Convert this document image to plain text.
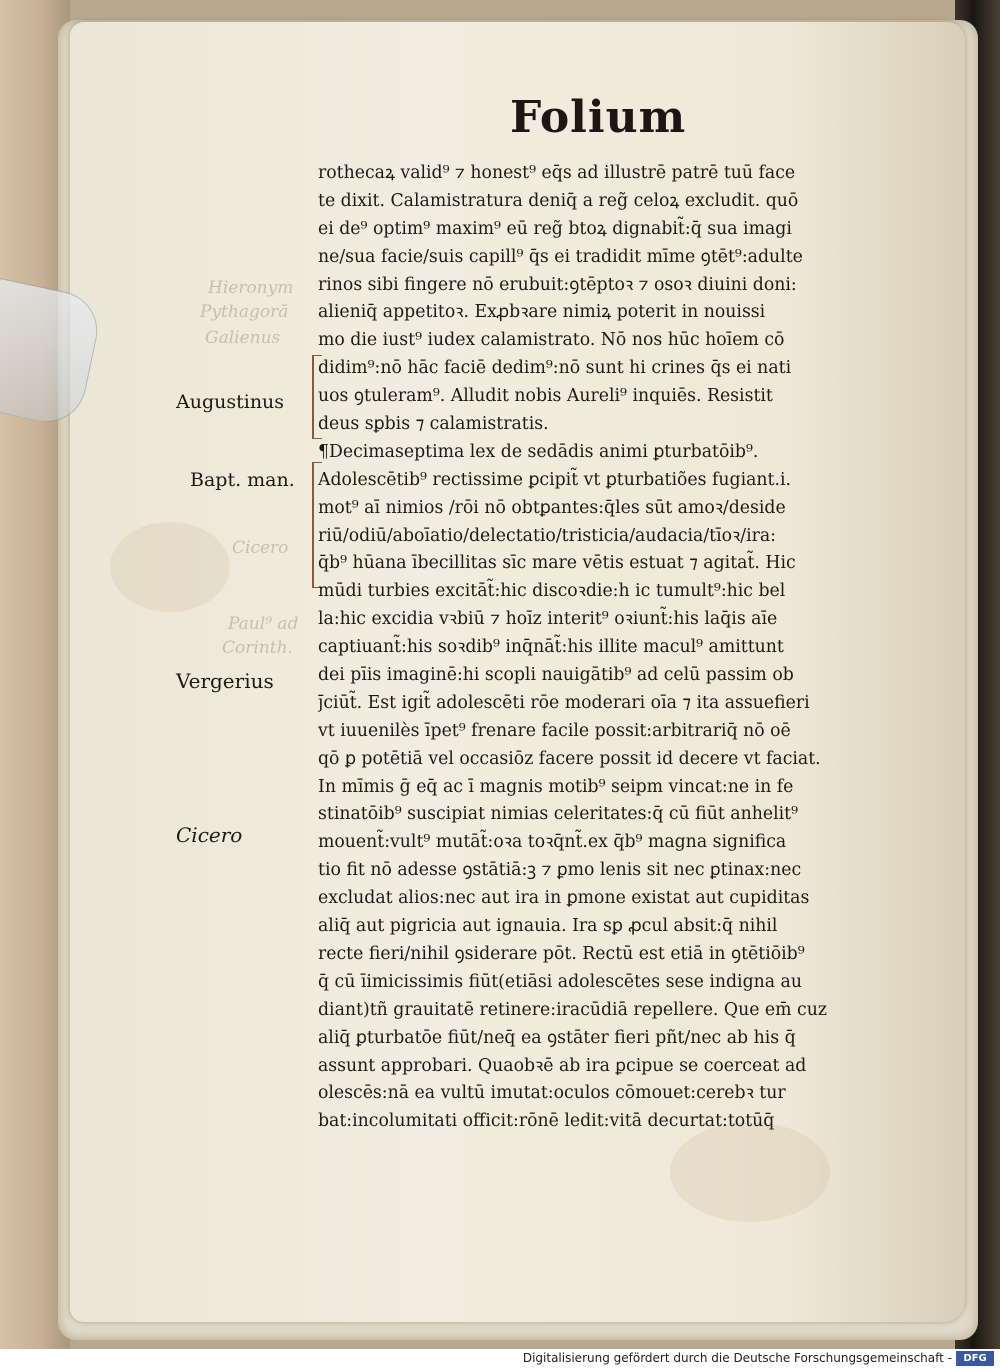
Folium
Hieronym
Pythagorā
Galienus
Cicero
Paul⁹ ad
Corinth.
Augustinus
Bapt. man.
Vergerius
Cicero
rothecaꝝ valid⁹ ⁊ honest⁹ eq̄s ad illustrē patrē tuū face
te dixit. Calamistratura deniq̄ a reg̃ celoꝝ excludit. quō
ei de⁹ optim⁹ maxim⁹ eū reg̃ btoꝝ dignabit̃:q̄ sua imagi
ne/sua facie/suis capill⁹ q̄s ei tradidit mīme ꝯtēt⁹:adulte
rinos sibi fingere nō erubuit:ꝯtēptoꝛ ⁊ osoꝛ diuini doni:
alieniq̄ appetitoꝛ. Exꝓbꝛare nimiꝝ poterit in nouissi
mo die iust⁹ iudex calamistrato. Nō nos hūc hoīem cō
didim⁹:nō hāc faciē dedim⁹:nō sunt hi crines q̄s ei nati
uos ꝯtuleram⁹. Alludit nobis Aureli⁹ inquiēs. Resistit
deus sꝑbis ⁊ calamistratis.
¶Decimaseptima lex de sedādis animi ꝑturbatōib⁹.
Adolescētib⁹ rectissime ꝑcipit̃ vt ꝑturbatiões fugiant.i.
mot⁹ aī nimios /rōi nō obtꝑantes:q̄les sūt amoꝛ/deside
riū/odiū/aboīatio/delectatio/tristicia/audacia/tīoꝛ/ira:
q̄b⁹ hūana ībecillitas sīc mare vētis estuat ⁊ agitat̃. Hic
mūdi turbies excitāt̃:hic discoꝛdie:h ic tumult⁹:hic bel
la:hic excidia vꝛbiū ⁊ hoīz interit⁹ oꝛiunt̃:his laq̄is aīe
captiuant̃:his soꝛdib⁹ inq̄nāt̃:his illite macul⁹ amittunt
dei pīis imaginē:hi scopli nauigātib⁹ ad celū passim ob
ȷ̄ciūt̃. Est igit̃ adolescēti rōe moderari oīa ⁊ ita assuefieri
vt iuuenilès īpet⁹ frenare facile possit:arbitrariq̄ nō oē
qō ꝑ potētiā vel occasiōz facere possit id decere vt faciat.
In mīmis ḡ eq̄ ac ī magnis motib⁹ seipm vincat:ne in fe
stinatōib⁹ suscipiat nimias celeritates:q̄ cū fiūt anhelit⁹
mouent̃:vult⁹ mutāt̃:oꝛa toꝛq̄nt̃.ex q̄b⁹ magna significa
tio fit nō adesse ꝯstātiā:ꝫ ⁊ ꝑmo lenis sit nec ꝑtinax:nec
excludat alios:nec aut ira in ꝑmone existat aut cupiditas
aliq̄ aut pigricia aut ignauia. Ira sꝑ ꝓcul absit:q̄ nihil
recte fieri/nihil ꝯsiderare pōt. Rectū est etiā in ꝯtētiōib⁹
q̄ cū īimicissimis fiūt(etiāsi adolescētes sese indigna au
diant)tñ grauitatē retinere:iracūdiā repellere. Que em̄ cuz
aliq̄ ꝑturbatōe fiūt/neq̄ ea ꝯstāter fieri pñt/nec ab his q̄
assunt approbari. Quaobꝛē ab ira ꝑcipue se coerceat ad
olescēs:nā ea vultū imutat:oculos cōmouet:cerebꝛ tur
bat:incolumitati officit:rōnē ledit:vitā decurtat:totūq̄
Digitalisierung gefördert durch die Deutsche Forschungsgemeinschaft -	DFG
